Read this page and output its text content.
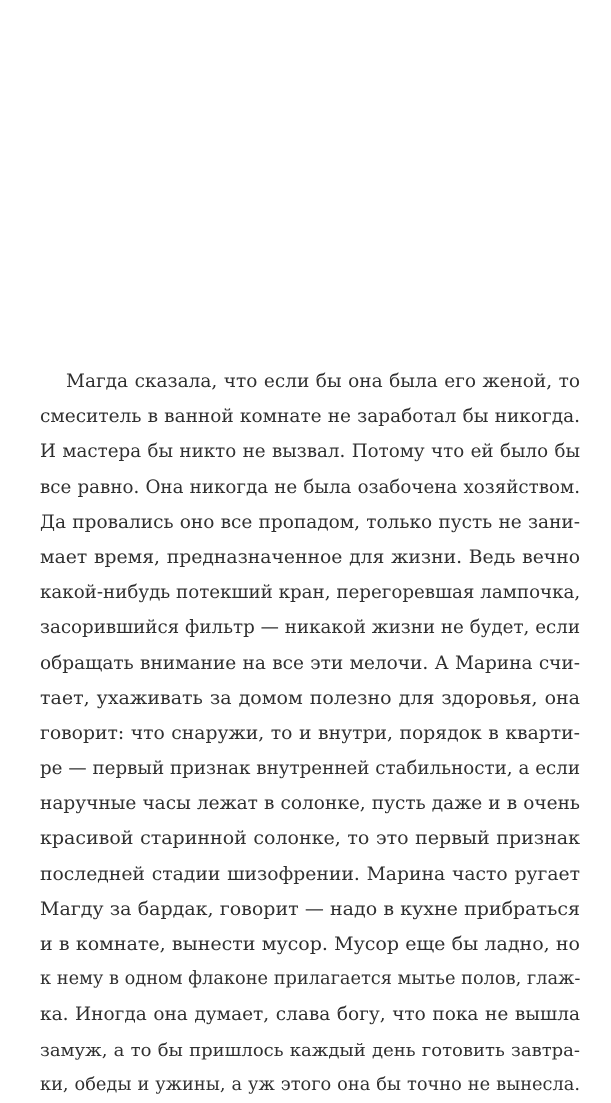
Магда сказала, что если бы она была его женой, то
смеситель в ванной комнате не заработал бы никогда.
И мастера бы никто не вызвал. Потому что ей было бы
все равно. Она никогда не была озабочена хозяйством.
Да провались оно все пропадом, только пусть не зани-
мает время, предназначенное для жизни. Ведь вечно
какой-нибудь потекший кран, перегоревшая лампочка,
засорившийся фильтр — никакой жизни не будет, если
обращать внимание на все эти мелочи. А Марина счи-
тает, ухаживать за домом полезно для здоровья, она
говорит: что снаружи, то и внутри, порядок в кварти-
ре — первый признак внутренней стабильности, а если
наручные часы лежат в солонке, пусть даже и в очень
красивой старинной солонке, то это первый признак
последней стадии шизофрении. Марина часто ругает
Магду за бардак, говорит — надо в кухне прибраться
и в комнате, вынести мусор. Мусор еще бы ладно, но
к нему в одном флаконе прилагается мытье полов, глаж-
ка. Иногда она думает, слава богу, что пока не вышла
замуж, а то бы пришлось каждый день готовить завтра-
ки, обеды и ужины, а уж этого она бы точно не вынесла.
